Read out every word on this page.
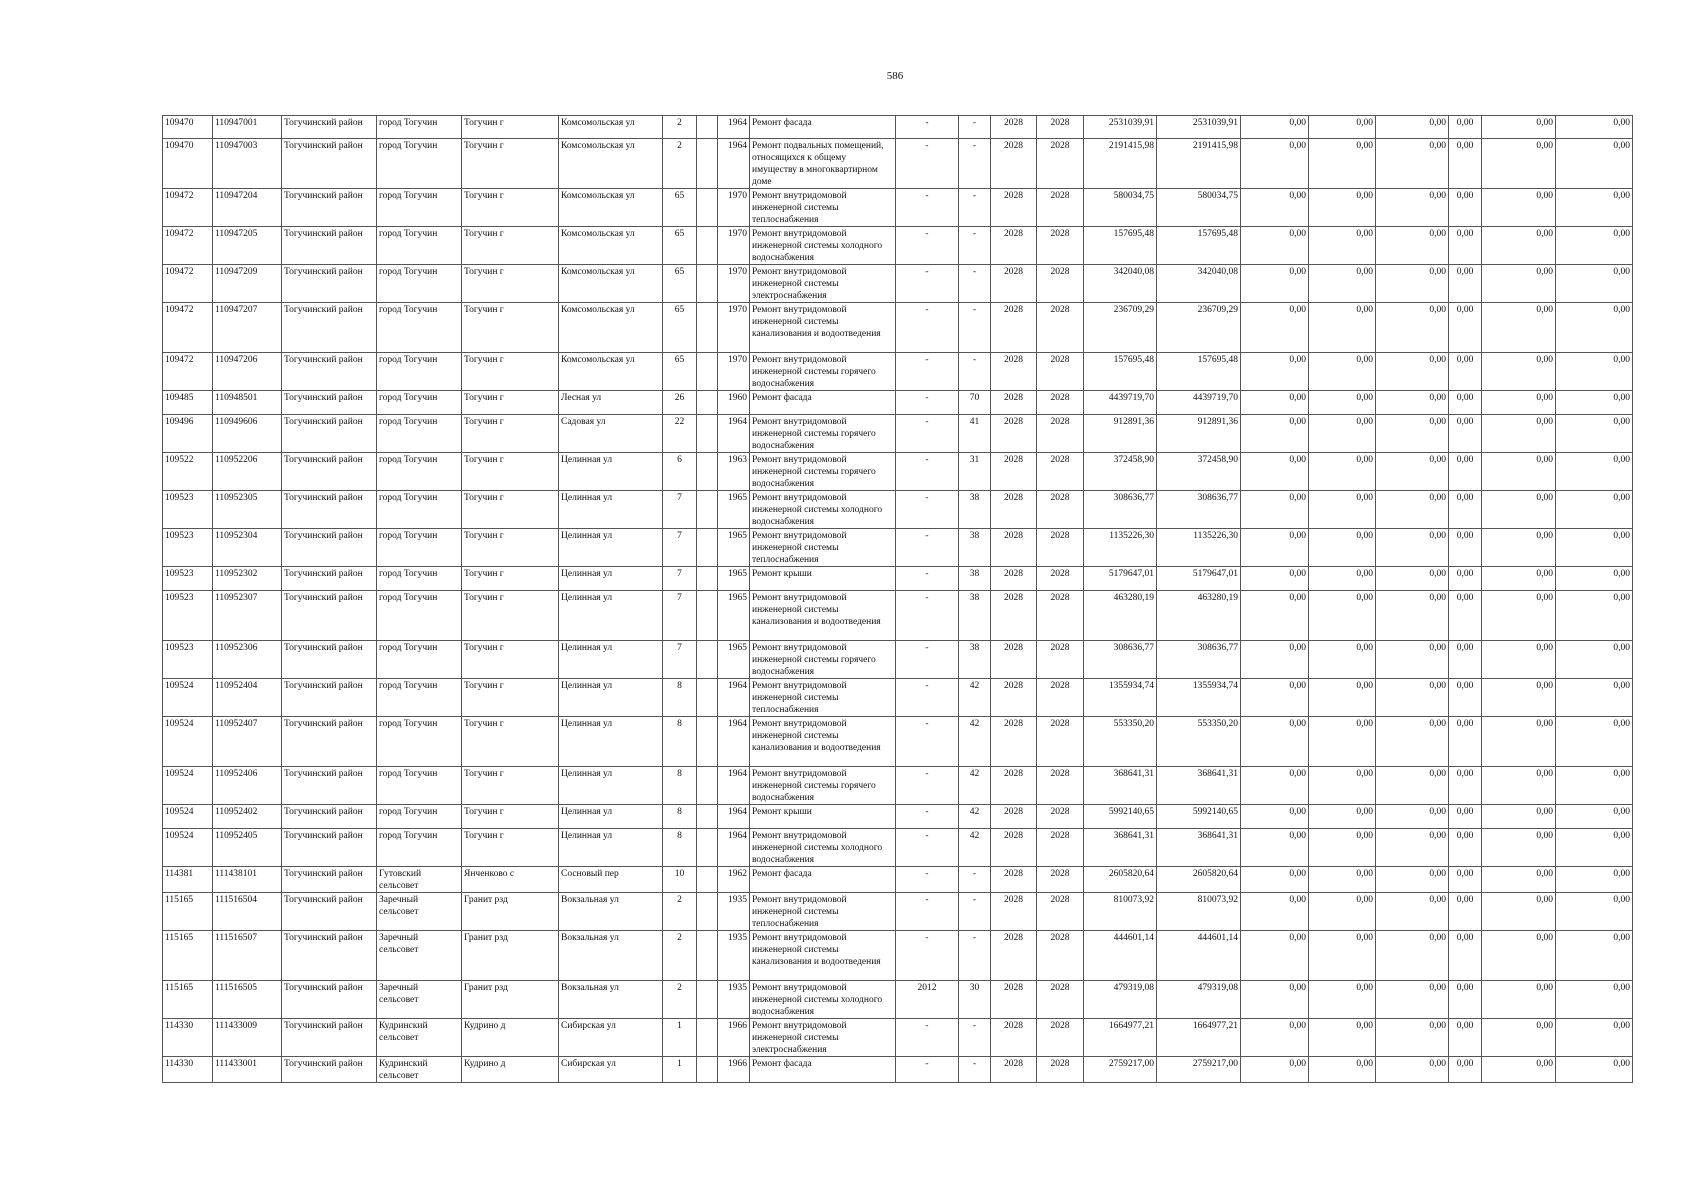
586
109470	110947001	Тогучинский район	город Тогучин	Тогучин г	Комсомольская ул	2		1964	Ремонт фасада	-	-	2028	2028	2531039,91	2531039,91	0,00	0,00	0,00	0,00	0,00	0,00
109470	110947003	Тогучинский район	город Тогучин	Тогучин г	Комсомольская ул	2		1964	Ремонт подвальных помещений, относящихся к общему имуществу в многоквартирном доме	-	-	2028	2028	2191415,98	2191415,98	0,00	0,00	0,00	0,00	0,00	0,00
109472	110947204	Тогучинский район	город Тогучин	Тогучин г	Комсомольская ул	65		1970	Ремонт внутридомовой инженерной системы теплоснабжения	-	-	2028	2028	580034,75	580034,75	0,00	0,00	0,00	0,00	0,00	0,00
109472	110947205	Тогучинский район	город Тогучин	Тогучин г	Комсомольская ул	65		1970	Ремонт внутридомовой инженерной системы холодного водоснабжения	-	-	2028	2028	157695,48	157695,48	0,00	0,00	0,00	0,00	0,00	0,00
109472	110947209	Тогучинский район	город Тогучин	Тогучин г	Комсомольская ул	65		1970	Ремонт внутридомовой инженерной системы электроснабжения	-	-	2028	2028	342040,08	342040,08	0,00	0,00	0,00	0,00	0,00	0,00
109472	110947207	Тогучинский район	город Тогучин	Тогучин г	Комсомольская ул	65		1970	Ремонт внутридомовой инженерной системы канализования и водоотведения	-	-	2028	2028	236709,29	236709,29	0,00	0,00	0,00	0,00	0,00	0,00
109472	110947206	Тогучинский район	город Тогучин	Тогучин г	Комсомольская ул	65		1970	Ремонт внутридомовой инженерной системы горячего водоснабжения	-	-	2028	2028	157695,48	157695,48	0,00	0,00	0,00	0,00	0,00	0,00
109485	110948501	Тогучинский район	город Тогучин	Тогучин г	Лесная ул	26		1960	Ремонт фасада	-	70	2028	2028	4439719,70	4439719,70	0,00	0,00	0,00	0,00	0,00	0,00
109496	110949606	Тогучинский район	город Тогучин	Тогучин г	Садовая ул	22		1964	Ремонт внутридомовой инженерной системы горячего водоснабжения	-	41	2028	2028	912891,36	912891,36	0,00	0,00	0,00	0,00	0,00	0,00
109522	110952206	Тогучинский район	город Тогучин	Тогучин г	Целинная ул	6		1963	Ремонт внутридомовой инженерной системы горячего водоснабжения	-	31	2028	2028	372458,90	372458,90	0,00	0,00	0,00	0,00	0,00	0,00
109523	110952305	Тогучинский район	город Тогучин	Тогучин г	Целинная ул	7		1965	Ремонт внутридомовой инженерной системы холодного водоснабжения	-	38	2028	2028	308636,77	308636,77	0,00	0,00	0,00	0,00	0,00	0,00
109523	110952304	Тогучинский район	город Тогучин	Тогучин г	Целинная ул	7		1965	Ремонт внутридомовой инженерной системы теплоснабжения	-	38	2028	2028	1135226,30	1135226,30	0,00	0,00	0,00	0,00	0,00	0,00
109523	110952302	Тогучинский район	город Тогучин	Тогучин г	Целинная ул	7		1965	Ремонт крыши	-	38	2028	2028	5179647,01	5179647,01	0,00	0,00	0,00	0,00	0,00	0,00
109523	110952307	Тогучинский район	город Тогучин	Тогучин г	Целинная ул	7		1965	Ремонт внутридомовой инженерной системы канализования и водоотведения	-	38	2028	2028	463280,19	463280,19	0,00	0,00	0,00	0,00	0,00	0,00
109523	110952306	Тогучинский район	город Тогучин	Тогучин г	Целинная ул	7		1965	Ремонт внутридомовой инженерной системы горячего водоснабжения	-	38	2028	2028	308636,77	308636,77	0,00	0,00	0,00	0,00	0,00	0,00
109524	110952404	Тогучинский район	город Тогучин	Тогучин г	Целинная ул	8		1964	Ремонт внутридомовой инженерной системы теплоснабжения	-	42	2028	2028	1355934,74	1355934,74	0,00	0,00	0,00	0,00	0,00	0,00
109524	110952407	Тогучинский район	город Тогучин	Тогучин г	Целинная ул	8		1964	Ремонт внутридомовой инженерной системы канализования и водоотведения	-	42	2028	2028	553350,20	553350,20	0,00	0,00	0,00	0,00	0,00	0,00
109524	110952406	Тогучинский район	город Тогучин	Тогучин г	Целинная ул	8		1964	Ремонт внутридомовой инженерной системы горячего водоснабжения	-	42	2028	2028	368641,31	368641,31	0,00	0,00	0,00	0,00	0,00	0,00
109524	110952402	Тогучинский район	город Тогучин	Тогучин г	Целинная ул	8		1964	Ремонт крыши	-	42	2028	2028	5992140,65	5992140,65	0,00	0,00	0,00	0,00	0,00	0,00
109524	110952405	Тогучинский район	город Тогучин	Тогучин г	Целинная ул	8		1964	Ремонт внутридомовой инженерной системы холодного водоснабжения	-	42	2028	2028	368641,31	368641,31	0,00	0,00	0,00	0,00	0,00	0,00
114381	111438101	Тогучинский район	Гутовский сельсовет	Янченково с	Сосновый пер	10		1962	Ремонт фасада	-	-	2028	2028	2605820,64	2605820,64	0,00	0,00	0,00	0,00	0,00	0,00
115165	111516504	Тогучинский район	Заречный сельсовет	Гранит рзд	Вокзальная ул	2		1935	Ремонт внутридомовой инженерной системы теплоснабжения	-	-	2028	2028	810073,92	810073,92	0,00	0,00	0,00	0,00	0,00	0,00
115165	111516507	Тогучинский район	Заречный сельсовет	Гранит рзд	Вокзальная ул	2		1935	Ремонт внутридомовой инженерной системы канализования и водоотведения	-	-	2028	2028	444601,14	444601,14	0,00	0,00	0,00	0,00	0,00	0,00
115165	111516505	Тогучинский район	Заречный сельсовет	Гранит рзд	Вокзальная ул	2		1935	Ремонт внутридомовой инженерной системы холодного водоснабжения	2012	30	2028	2028	479319,08	479319,08	0,00	0,00	0,00	0,00	0,00	0,00
114330	111433009	Тогучинский район	Кудринский сельсовет	Кудрино д	Сибирская ул	1		1966	Ремонт внутридомовой инженерной системы электроснабжения	-	-	2028	2028	1664977,21	1664977,21	0,00	0,00	0,00	0,00	0,00	0,00
114330	111433001	Тогучинский район	Кудринский сельсовет	Кудрино д	Сибирская ул	1		1966	Ремонт фасада	-	-	2028	2028	2759217,00	2759217,00	0,00	0,00	0,00	0,00	0,00	0,00
